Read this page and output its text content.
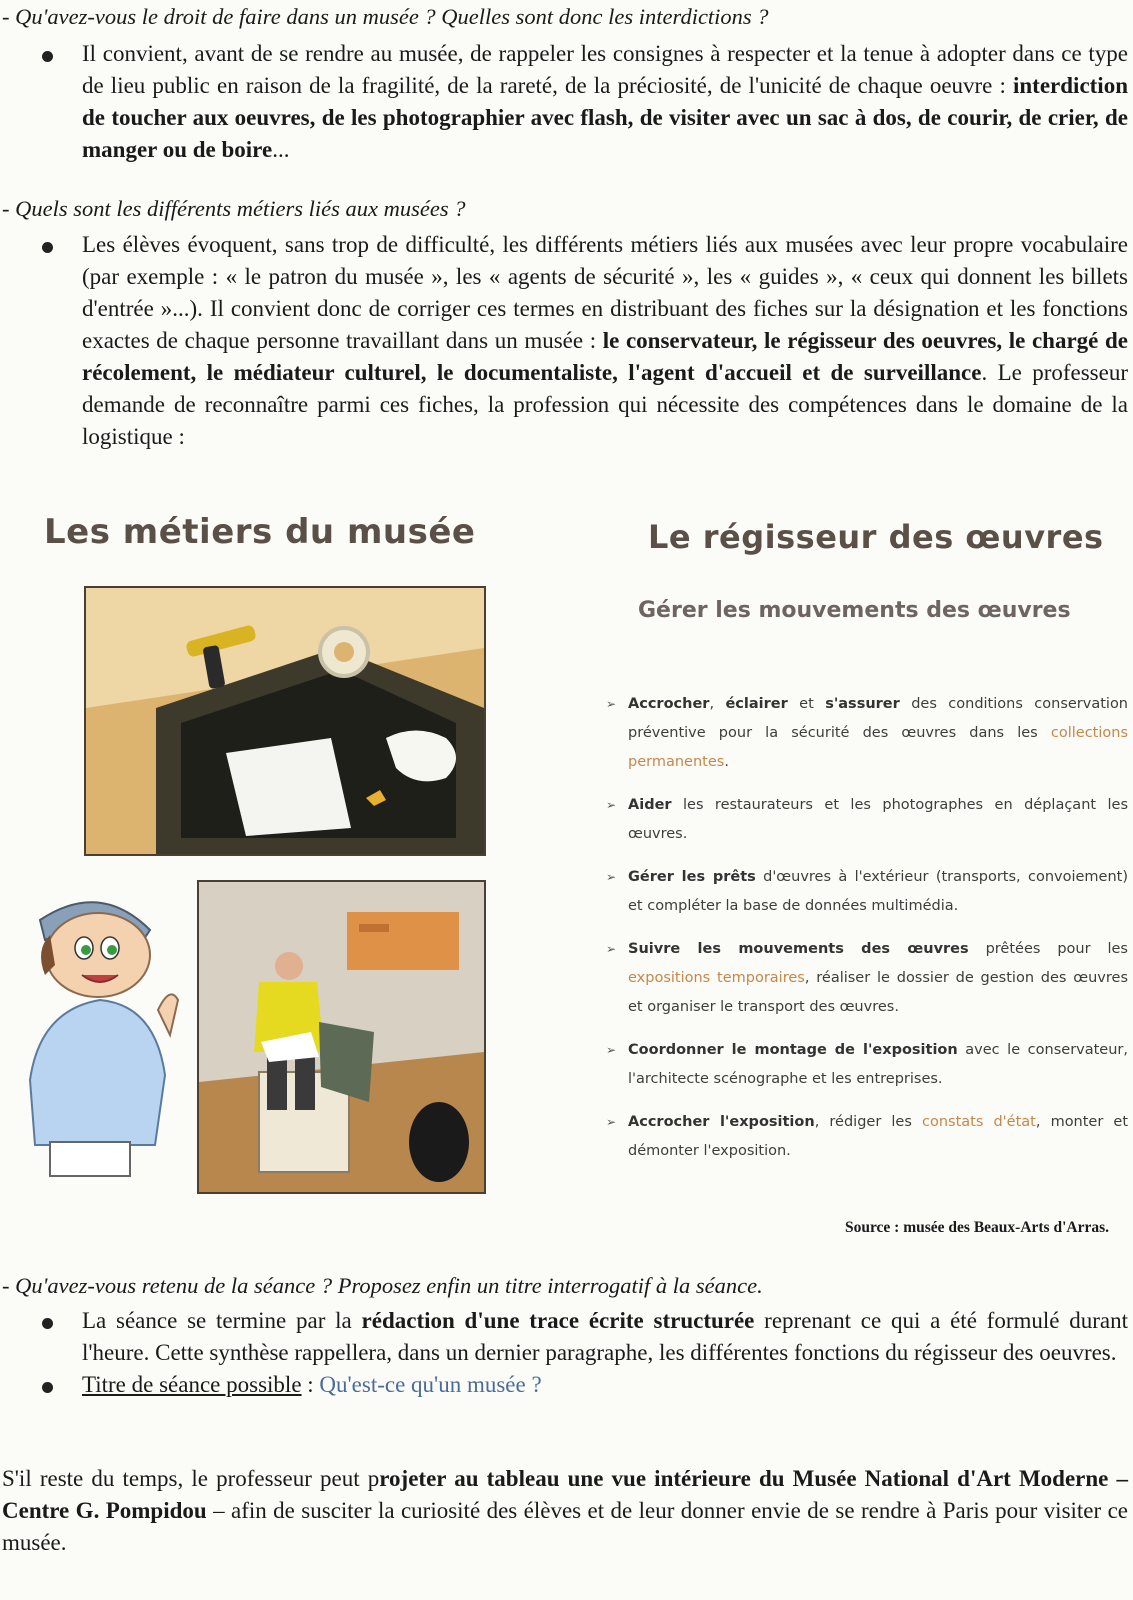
- Qu'avez-vous le droit de faire dans un musée ? Quelles sont donc les interdictions ?
Il convient, avant de se rendre au musée, de rappeler les consignes à respecter et la tenue à adopter dans ce type de lieu public en raison de la fragilité, de la rareté, de la préciosité, de l'unicité de chaque oeuvre : interdiction de toucher aux oeuvres, de les photographier avec flash, de visiter avec un sac à dos, de courir, de crier, de manger ou de boire...
- Quels sont les différents métiers liés aux musées ?
Les élèves évoquent, sans trop de difficulté, les différents métiers liés aux musées avec leur propre vocabulaire (par exemple : « le patron du musée », les « agents de sécurité », les « guides », « ceux qui donnent les billets d'entrée »...). Il convient donc de corriger ces termes en distribuant des fiches sur la désignation et les fonctions exactes de chaque personne travaillant dans un musée : le conservateur, le régisseur des oeuvres, le chargé de récolement, le médiateur culturel, le documentaliste, l'agent d'accueil et de surveillance. Le professeur demande de reconnaître parmi ces fiches, la profession qui nécessite des compétences dans le domaine de la logistique :
Les métiers du musée	Le régisseur des œuvres
Gérer les mouvements des œuvres
➢ Accrocher, éclairer et s'assurer des conditions conservation préventive pour la sécurité des œuvres dans les collections permanentes.
➢ Aider les restaurateurs et les photographes en déplaçant les œuvres.
➢ Gérer les prêts d'œuvres à l'extérieur (transports, convoiement) et compléter la base de données multimédia.
➢ Suivre les mouvements des œuvres prêtées pour les expositions temporaires, réaliser le dossier de gestion des œuvres et organiser le transport des œuvres.
➢ Coordonner le montage de l'exposition avec le conservateur, l'architecte scénographe et les entreprises.
➢ Accrocher l'exposition, rédiger les constats d'état, monter et démonter l'exposition.
Source : musée des Beaux-Arts d'Arras.
- Qu'avez-vous retenu de la séance ? Proposez enfin un titre interrogatif à la séance.
La séance se termine par la rédaction d'une trace écrite structurée reprenant ce qui a été formulé durant l'heure. Cette synthèse rappellera, dans un dernier paragraphe, les différentes fonctions du régisseur des oeuvres.
Titre de séance possible : Qu'est-ce qu'un musée ?
S'il reste du temps, le professeur peut projeter au tableau une vue intérieure du Musée National d'Art Moderne – Centre G. Pompidou – afin de susciter la curiosité des élèves et de leur donner envie de se rendre à Paris pour visiter ce musée.
